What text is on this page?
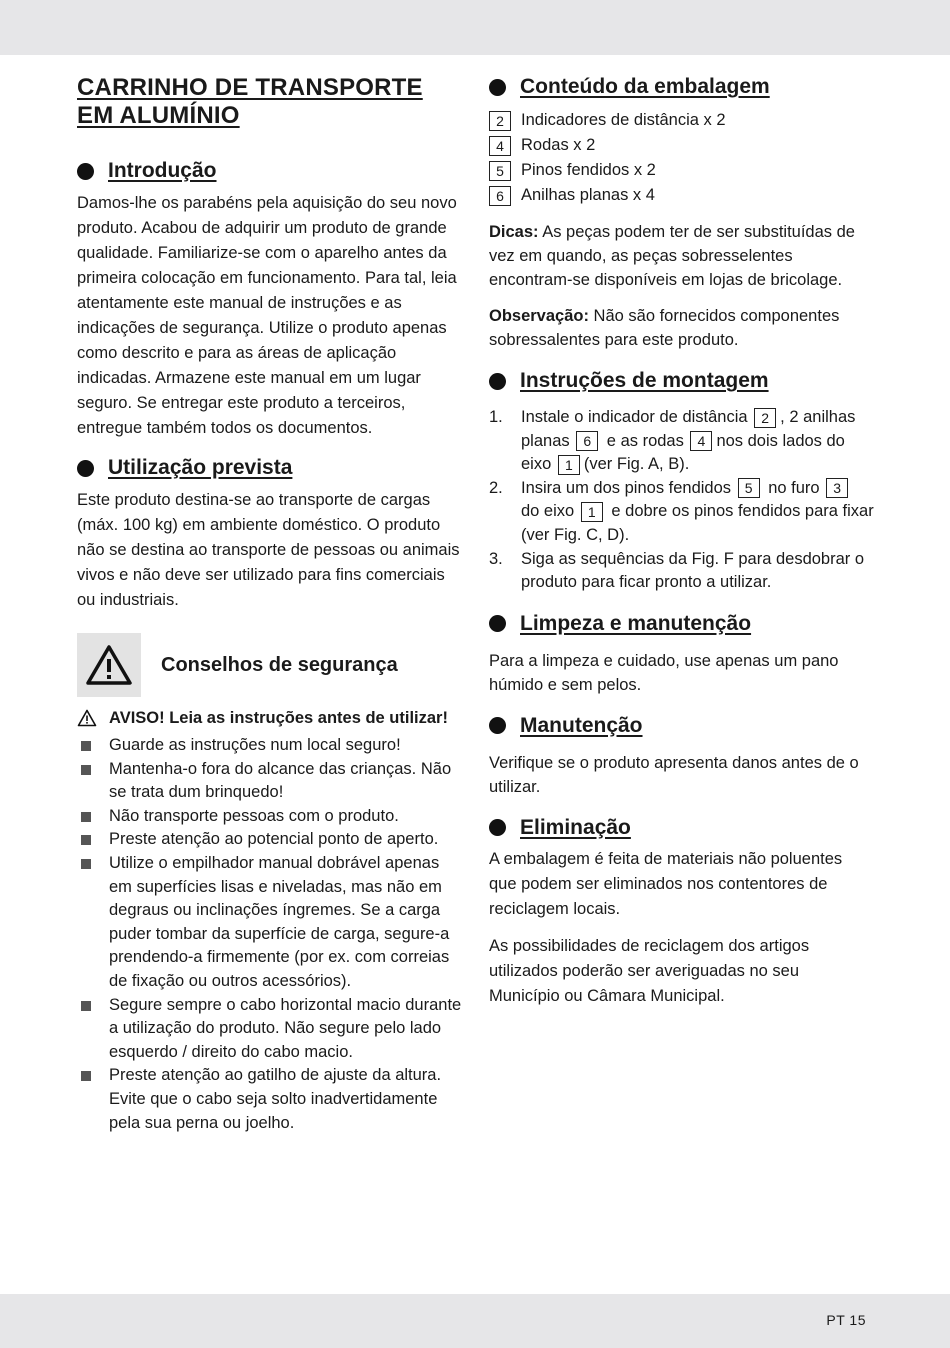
CARRINHO DE TRANSPORTE
EM ALUMÍNIO
Introdução

Damos-lhe os parabéns pela aquisição do seu novo produto. Acabou de adquirir um produto de grande qualidade. Familiarize-se com o aparelho antes da primeira colocação em funcionamento. Para tal, leia atentamente este manual de instruções e as indicações de segurança. Utilize o produto apenas como descrito e para as áreas de aplicação indicadas. Armazene este manual em um lugar seguro. Se entregar este produto a terceiros, entregue também todos os documentos.

Utilização prevista

Este produto destina-se ao transporte de cargas (máx. 100 kg) em ambiente doméstico. O produto não se destina ao transporte de pessoas ou animais vivos e não deve ser utilizado para fins comerciais ou industriais.

Conselhos de segurança
AVISO! Leia as instruções antes de utilizar!
Guarde as instruções num local seguro!
Mantenha-o fora do alcance das crianças. Não se trata dum brinquedo!
Não transporte pessoas com o produto.
Preste atenção ao potencial ponto de aperto.
Utilize o empilhador manual dobrável apenas em superfícies lisas e niveladas, mas não em degraus ou inclinações íngremes. Se a carga puder tombar da superfície de carga, segure-a prendendo-a firmemente (por ex. com correias de fixação ou outros acessórios).
Segure sempre o cabo horizontal macio durante a utilização do produto. Não segure pelo lado esquerdo / direito do cabo macio.
Preste atenção ao gatilho de ajuste da altura. Evite que o cabo seja solto inadvertidamente pela sua perna ou joelho.
Conteúdo da embalagem
2	Indicadores de distância x 2
4	Rodas x 2
5	Pinos fendidos x 2
6	Anilhas planas x 4

Dicas: As peças podem ter de ser substituídas de vez em quando, as peças sobresselentes encontram-se disponíveis em lojas de bricolage.

Observação: Não são fornecidos componentes sobressalentes para este produto.

Instruções de montagem
1. Instale o indicador de distância 2 , 2 anilhas planas 6 e as rodas 4 nos dois lados do eixo 1 (ver Fig. A, B).
2. Insira um dos pinos fendidos 5 no furo 3 do eixo 1 e dobre os pinos fendidos para fixar (ver Fig. C, D).
3. Siga as sequências da Fig. F para desdobrar o produto para ficar pronto a utilizar.
Limpeza e manutenção

Para a limpeza e cuidado, use apenas um pano húmido e sem pelos.

Manutenção

Verifique se o produto apresenta danos antes de o utilizar.

Eliminação

A embalagem é feita de materiais não poluentes que podem ser eliminados nos contentores de reciclagem locais.

As possibilidades de reciclagem dos artigos utilizados poderão ser averiguadas no seu Município ou Câmara Municipal.

PT 15
